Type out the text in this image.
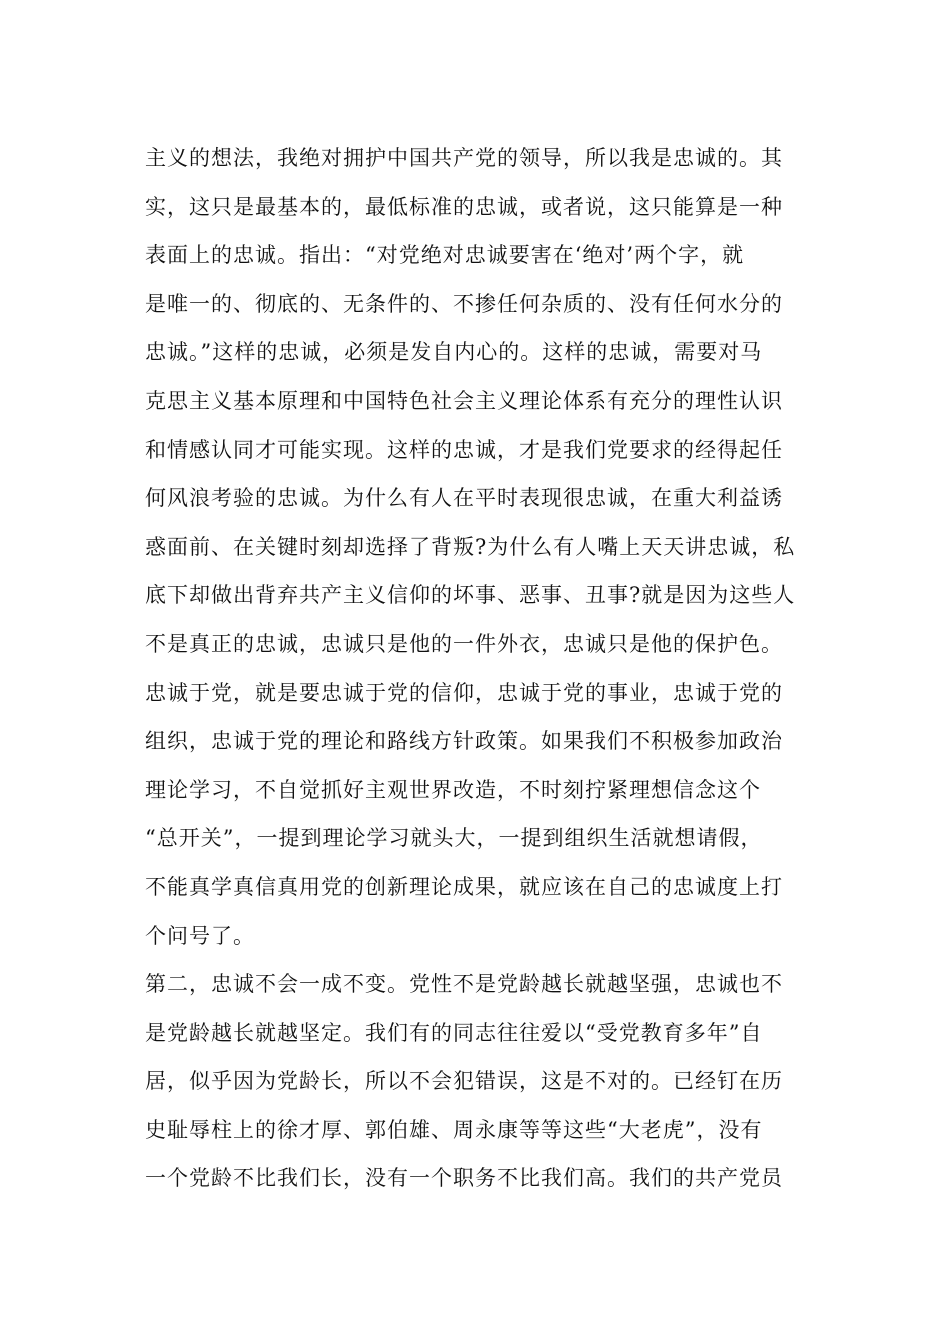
主义的想法，我绝对拥护中国共产党的领导，所以我是忠诚的。其
实，这只是最基本的，最低标准的忠诚，或者说，这只能算是一种
表面上的忠诚。指出：“对党绝对忠诚要害在‘绝对’两个字，就
是唯一的、彻底的、无条件的、不掺任何杂质的、没有任何水分的
忠诚。”这样的忠诚，必须是发自内心的。这样的忠诚，需要对马
克思主义基本原理和中国特色社会主义理论体系有充分的理性认识
和情感认同才可能实现。这样的忠诚，才是我们党要求的经得起任
何风浪考验的忠诚。为什么有人在平时表现很忠诚，在重大利益诱
惑面前、在关键时刻却选择了背叛?为什么有人嘴上天天讲忠诚，私
底下却做出背弃共产主义信仰的坏事、恶事、丑事?就是因为这些人
不是真正的忠诚，忠诚只是他的一件外衣，忠诚只是他的保护色。
忠诚于党，就是要忠诚于党的信仰，忠诚于党的事业，忠诚于党的
组织，忠诚于党的理论和路线方针政策。如果我们不积极参加政治
理论学习，不自觉抓好主观世界改造，不时刻拧紧理想信念这个
“总开关”，一提到理论学习就头大，一提到组织生活就想请假，
不能真学真信真用党的创新理论成果，就应该在自己的忠诚度上打
个问号了。
第二，忠诚不会一成不变。党性不是党龄越长就越坚强，忠诚也不
是党龄越长就越坚定。我们有的同志往往爱以“受党教育多年”自
居，似乎因为党龄长，所以不会犯错误，这是不对的。已经钉在历
史耻辱柱上的徐才厚、郭伯雄、周永康等等这些“大老虎”，没有
一个党龄不比我们长，没有一个职务不比我们高。我们的共产党员
